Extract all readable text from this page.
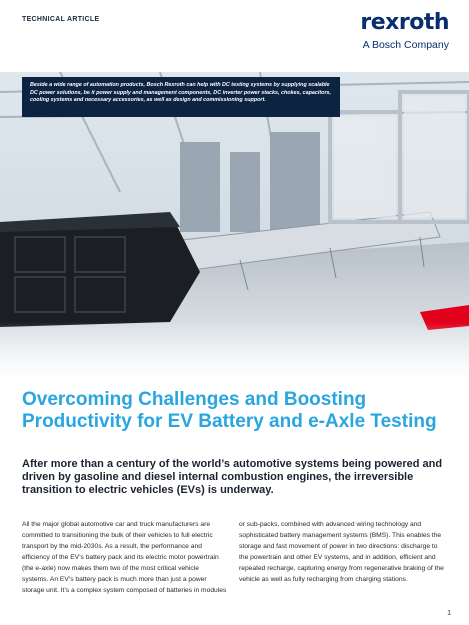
TECHNICAL ARTICLE	rexroth
A Bosch Company
Beside a wide range of automation products, Bosch Rexroth can help with DC testing systems by supplying scalable DC power solutions, be it power supply and management components, DC inverter power stacks, chokes, capacitors, cooling systems and necessary accessories, as well as design and commissioning support.
Overcoming Challenges and Boosting Productivity for EV Battery and e-Axle Testing

After more than a century of the world’s automotive systems being powered and driven by gasoline and diesel internal combustion engines, the irreversible transition to electric vehicles (EVs) is underway.

All the major global automotive car and truck manufacturers are committed to transitioning the bulk of their vehicles to full electric transport by the mid-2030s. As a result, the performance and efficiency of the EV’s battery pack and its electric motor powertrain (the e-axle) now makes them two of the most critical vehicle systems. An EV’s battery pack is much more than just a power storage unit. It’s a complex system composed of batteries in modules

or sub-packs, combined with advanced wiring technology and sophisticated battery management systems (BMS). This enables the storage and fast movement of power in two directions: discharge to the powertrain and other EV systems, and in addition, efficient and repeated recharge, capturing energy from regenerative braking of the vehicle as well as fully recharging from charging stations.

1
